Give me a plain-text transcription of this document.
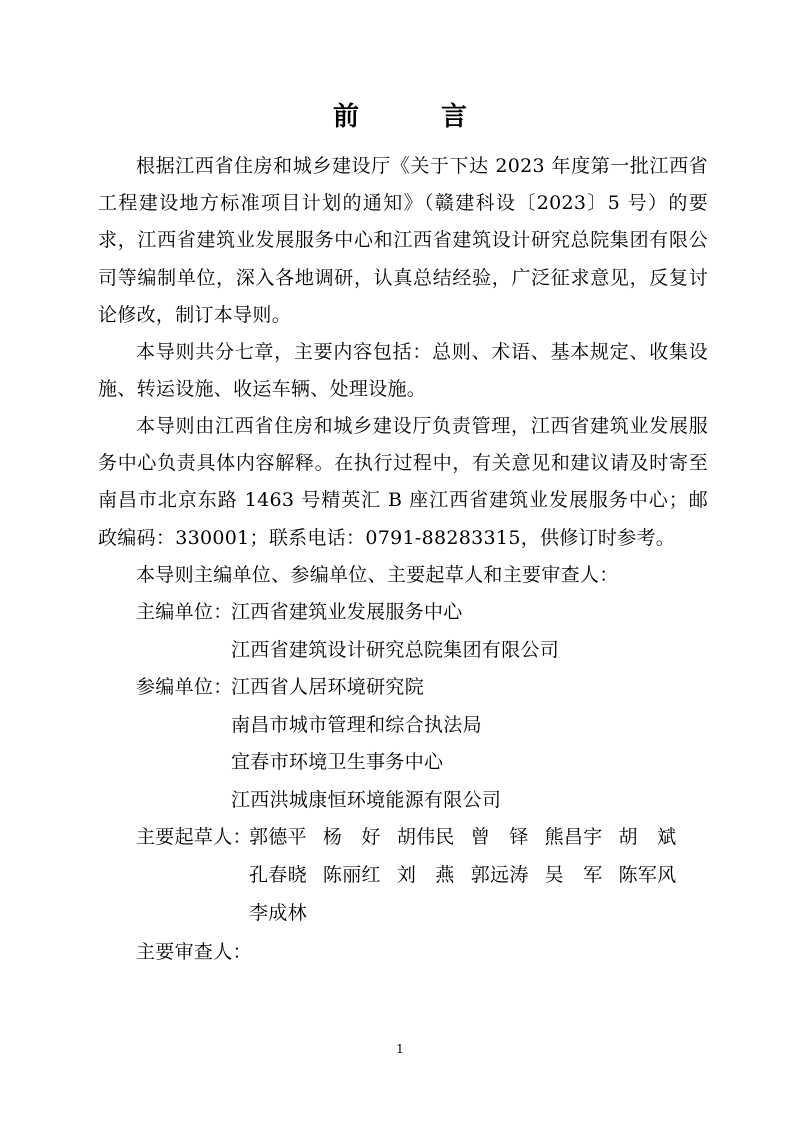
前　言
根据江西省住房和城乡建设厅《关于下达 2023 年度第一批江西省工程建设地方标准项目计划的通知》（赣建科设〔2023〕5 号）的要求，江西省建筑业发展服务中心和江西省建筑设计研究总院集团有限公司等编制单位，深入各地调研，认真总结经验，广泛征求意见，反复讨论修改，制订本导则。
本导则共分七章，主要内容包括：总则、术语、基本规定、收集设施、转运设施、收运车辆、处理设施。
本导则由江西省住房和城乡建设厅负责管理，江西省建筑业发展服务中心负责具体内容解释。在执行过程中，有关意见和建议请及时寄至南昌市北京东路 1463 号精英汇 B 座江西省建筑业发展服务中心；邮政编码：330001；联系电话：0791-88283315，供修订时参考。
本导则主编单位、参编单位、主要起草人和主要审查人：
主编单位：
江西省建筑业发展服务中心
江西省建筑设计研究总院集团有限公司
参编单位：
江西省人居环境研究院
南昌市城市管理和综合执法局
宜春市环境卫生事务中心
江西洪城康恒环境能源有限公司
主要起草人：
郭德平 杨　好 胡伟民 曾　铎 熊昌宇 胡　斌
孔春晓 陈丽红 刘　燕 郭远涛 吴　军 陈军风
李成林
主要审查人：
1
